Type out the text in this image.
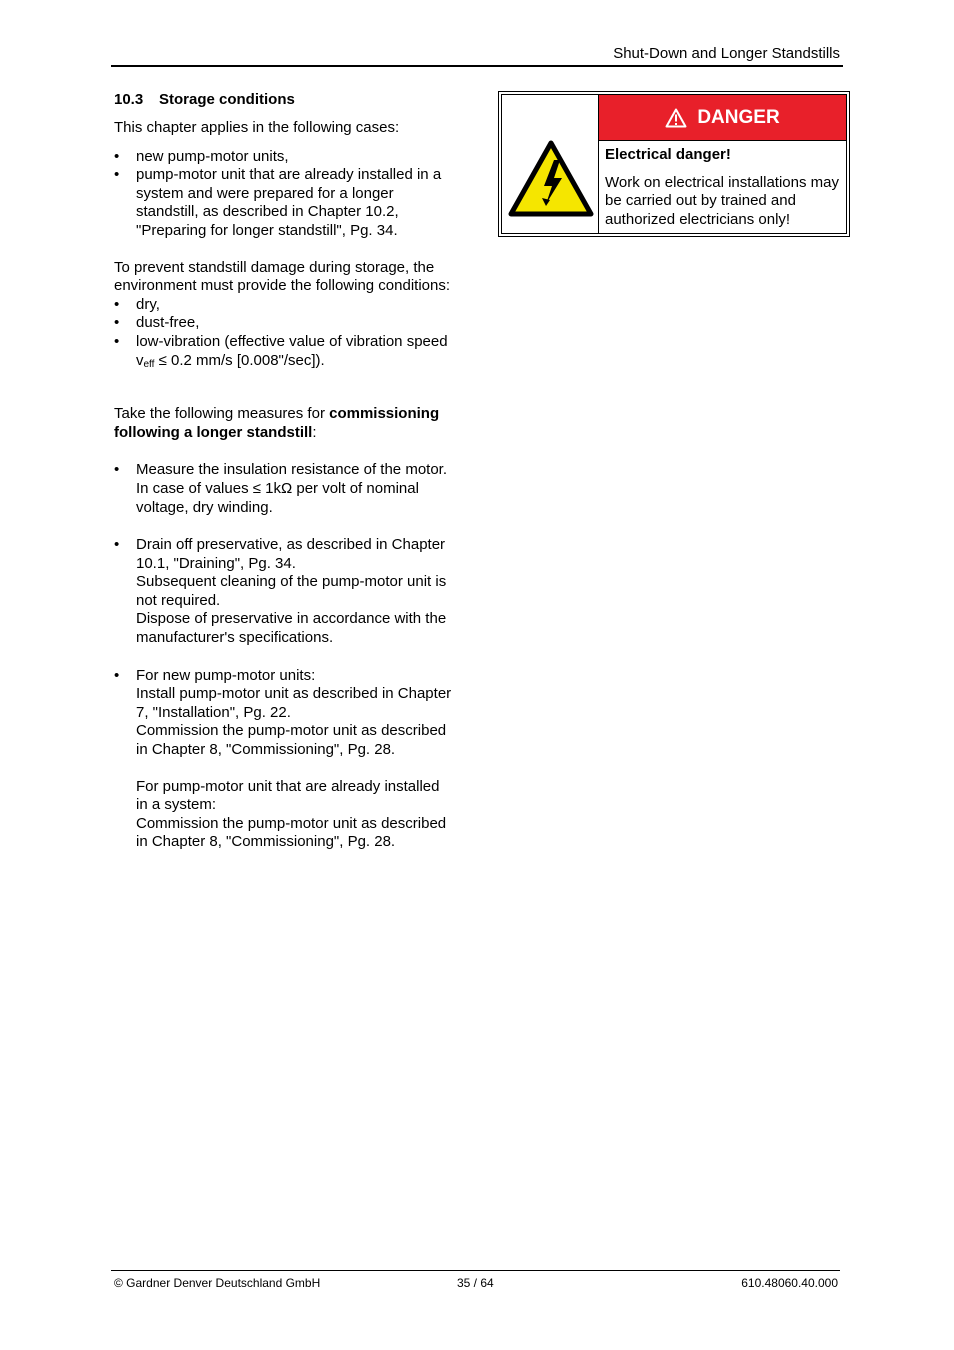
Shut-Down and Longer Standstills
10.3 Storage conditions

This chapter applies in the following cases:

• new pump-motor units,
• pump-motor unit that are already installed in a system and were prepared for a longer standstill, as described in Chapter 10.2, "Preparing for longer standstill", Pg. 34.

To prevent standstill damage during storage, the environment must provide the following conditions:

• dry,
• dust-free,
• low-vibration (effective value of vibration speed $v_{eff} \le 0.2$ mm/s [0.008"/sec]).

Take the following measures for commissioning following a longer standstill:

• Measure the insulation resistance of the motor.

In case of values ≤ 1kΩ per volt of nominal voltage, dry winding.

• Drain off preservative, as described in Chapter 10.1, "Draining", Pg. 34.

Subsequent cleaning of the pump-motor unit is not required.

Dispose of preservative in accordance with the manufacturer's specifications.

• For new pump-motor units:

Install pump-motor unit as described in Chapter 7, "Installation", Pg. 22.

Commission the pump-motor unit as described in Chapter 8, "Commissioning", Pg. 28.

For pump-motor unit that are already installed in a system:

Commission the pump-motor unit as described in Chapter 8, "Commissioning", Pg. 28.

DANGER
Electrical danger!
Work on electrical installations may be carried out by trained and authorized electricians only!
© Gardner Denver Deutschland GmbH	35 / 64	610.48060.40.000
